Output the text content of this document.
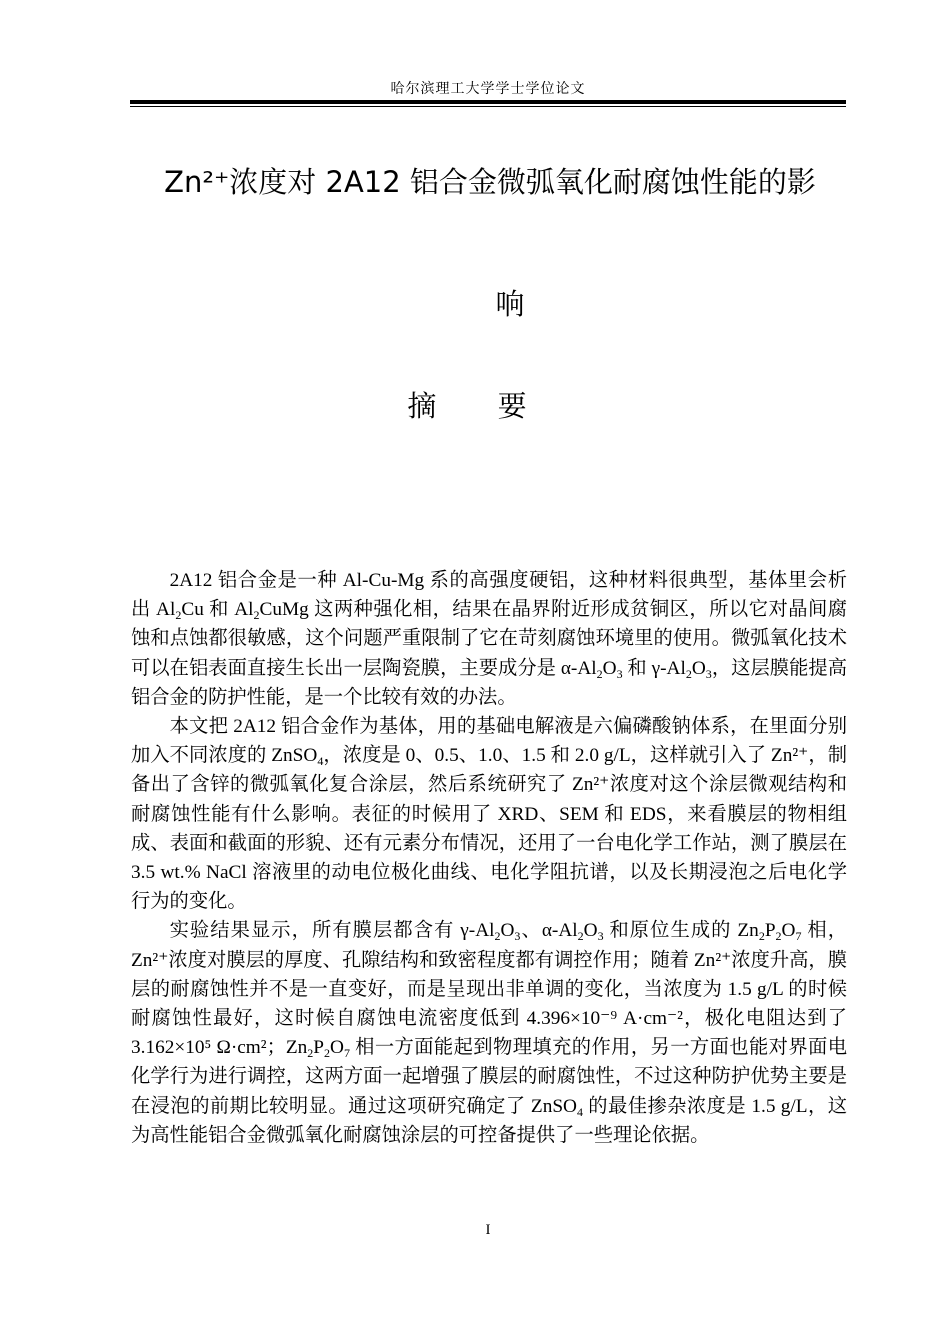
哈尔滨理工大学学士学位论文
Zn²⁺浓度对 2A12 铝合金微弧氧化耐腐蚀性能的影
响
摘 要

2A12 铝合金是一种 Al-Cu-Mg 系的高强度硬铝，这种材料很典型，基体里会析出 $Al_2Cu$ 和 $Al_2CuMg$ 这两种强化相，结果在晶界附近形成贫铜区，所以它对晶间腐蚀和点蚀都很敏感，这个问题严重限制了它在苛刻腐蚀环境里的使用。微弧氧化技术可以在铝表面直接生长出一层陶瓷膜，主要成分是 $\alpha-Al_2O_3$ 和 $\gamma-Al_2O_3$，这层膜能提高铝合金的防护性能，是一个比较有效的办法。

本文把 2A12 铝合金作为基体，用的基础电解液是六偏磷酸钠体系，在里面分别加入不同浓度的 ZnSO$_4$，浓度是 0、0.5、1.0、1.5 和 2.0 g/L，这样就引入了 Zn²⁺，制备出了含锌的微弧氧化复合涂层，然后系统研究了 Zn²⁺浓度对这个涂层微观结构和耐腐蚀性能有什么影响。表征的时候用了 XRD、SEM 和 EDS，来看膜层的物相组成、表面和截面的形貌、还有元素分布情况，还用了一台电化学工作站，测了膜层在 3.5 wt.% NaCl 溶液里的动电位极化曲线、电化学阻抗谱，以及长期浸泡之后电化学行为的变化。

实验结果显示，所有膜层都含有 $\gamma-Al_2O_3$、$\alpha-Al_2O_3$ 和原位生成的 $Zn_2P_2O_7$ 相，Zn²⁺浓度对膜层的厚度、孔隙结构和致密程度都有调控作用；随着 Zn²⁺浓度升高，膜层的耐腐蚀性并不是一直变好，而是呈现出非单调的变化，当浓度为 1.5 g/L 的时候耐腐蚀性最好，这时候自腐蚀电流密度低到 4.396×10⁻⁹ A·cm⁻²，极化电阻达到了 3.162×10⁵ Ω·cm²；$Zn_2P_2O_7$ 相一方面能起到物理填充的作用，另一方面也能对界面电化学行为进行调控，这两方面一起增强了膜层的耐腐蚀性，不过这种防护优势主要是在浸泡的前期比较明显。通过这项研究确定了 ZnSO$_4$ 的最佳掺杂浓度是 1.5 g/L，这为高性能铝合金微弧氧化耐腐蚀涂层的可控备提供了一些理论依据。

I
